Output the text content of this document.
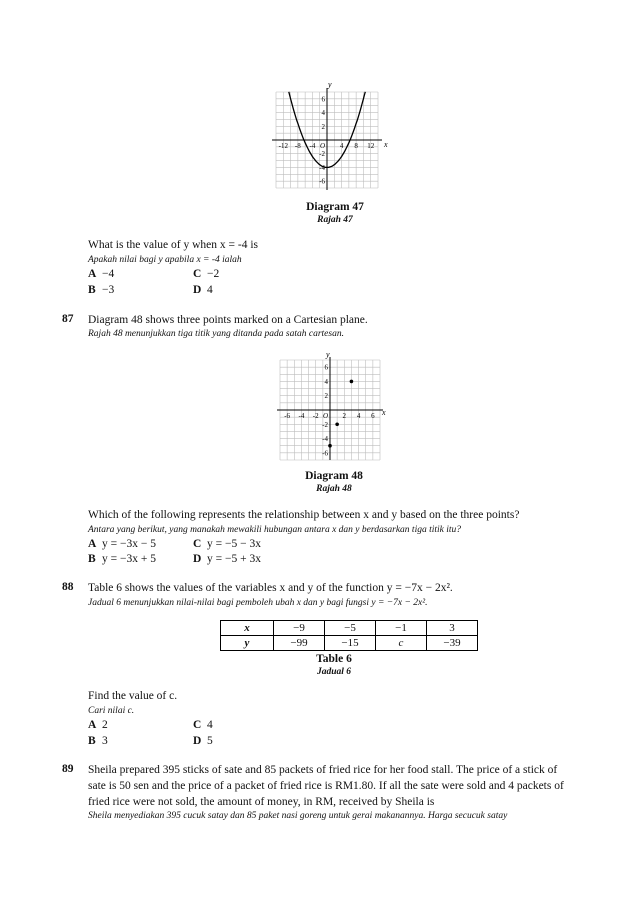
-12 -8 -4	4 8 12
6
4
2
-2
-4
-6
O
y
x
Diagram 47
Rajah 47
What is the value of y when x = -4 is
Apakah nilai bagi y apabila x = -4 ialah
A −4	C −2
B −3	D 4
87 Diagram 48 shows three points marked on a Cartesian plane.
Rajah 48 menunjukkan tiga titik yang ditanda pada satah cartesan.
-6 -4 -2	2 4 6
6
4
2
-2
-4
-6
O
y
x
Diagram 48
Rajah 48
Which of the following represents the relationship between x and y based on the three points?
Antara yang berikut, yang manakah mewakili hubungan antara x dan y berdasarkan tiga titik itu?
A y = −3x − 5	C y = −5 − 3x
B y = −3x + 5	D y = −5 + 3x
88 Table 6 shows the values of the variables x and y of the function y = −7x − 2x².
Jadual 6 menunjukkan nilai-nilai bagi pemboleh ubah x dan y bagi fungsi y = −7x − 2x².
x	−9	−5	−1	3
y	−99	−15	c	−39
Table 6
Jadual 6
Find the value of c.
Cari nilai c.
A 2	C 4
B 3	D 5
89 Sheila prepared 395 sticks of sate and 85 packets of fried rice for her food stall. The price of a stick of
sate is 50 sen and the price of a packet of fried rice is RM1.80. If all the sate were sold and 4 packets of
fried rice were not sold, the amount of money, in RM, received by Sheila is
Sheila menyediakan 395 cucuk satay dan 85 paket nasi goreng untuk gerai makanannya. Harga secucuk satay
